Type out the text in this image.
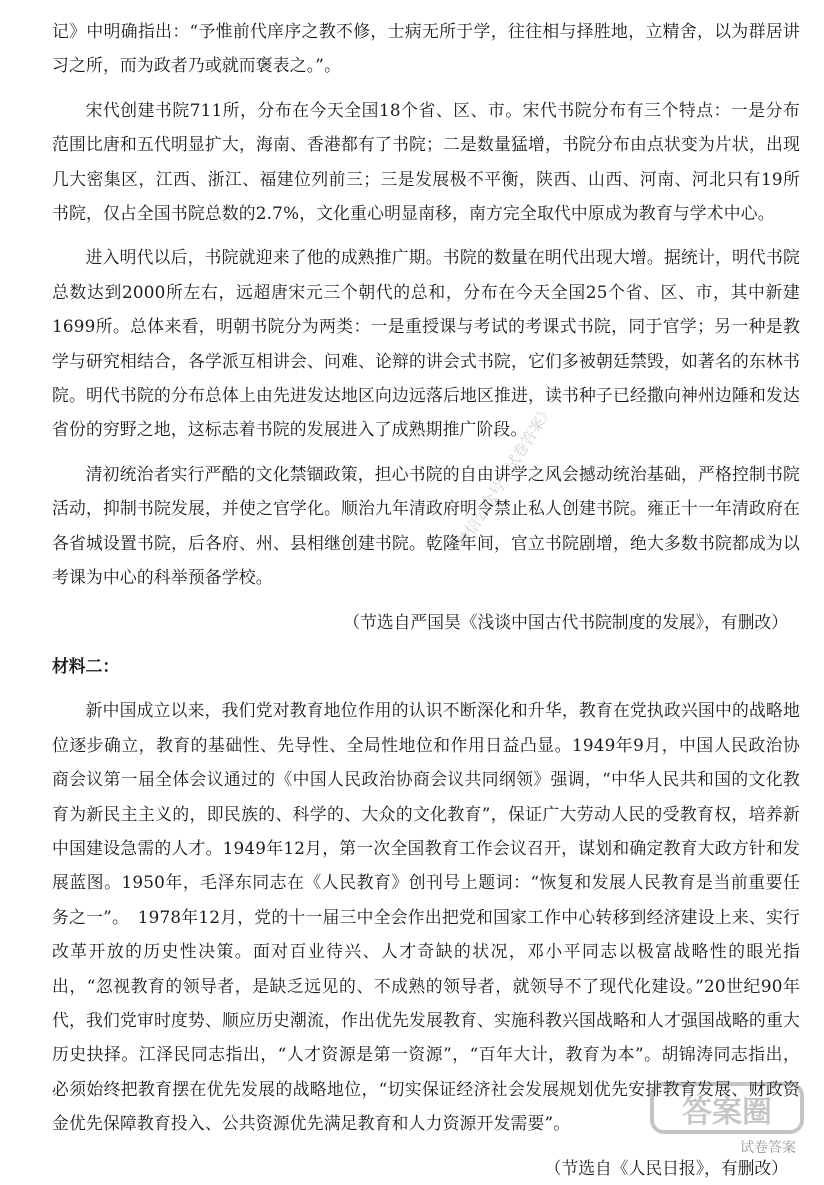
记》中明确指出：“予惟前代庠序之教不修，士病无所于学，往往相与择胜地，立精舍，以为群居讲习之所，而为政者乃或就而褒表之。”。

宋代创建书院711所，分布在今天全国18个省、区、市。宋代书院分布有三个特点：一是分布范围比唐和五代明显扩大，海南、香港都有了书院；二是数量猛增，书院分布由点状变为片状，出现几大密集区，江西、浙江、福建位列前三；三是发展极不平衡，陕西、山西、河南、河北只有19所书院，仅占全国书院总数的2.7%，文化重心明显南移，南方完全取代中原成为教育与学术中心。

进入明代以后，书院就迎来了他的成熟推广期。书院的数量在明代出现大增。据统计，明代书院总数达到2000所左右，远超唐宋元三个朝代的总和，分布在今天全国25个省、区、市，其中新建1699所。总体来看，明朝书院分为两类：一是重授课与考试的考课式书院，同于官学；另一种是教学与研究相结合，各学派互相讲会、问难、论辩的讲会式书院，它们多被朝廷禁毁，如著名的东林书院。明代书院的分布总体上由先进发达地区向边远落后地区推进，读书种子已经撒向神州边陲和发达省份的穷野之地，这标志着书院的发展进入了成熟期推广阶段。

清初统治者实行严酷的文化禁锢政策，担心书院的自由讲学之风会撼动统治基础，严格控制书院活动，抑制书院发展，并使之官学化。顺治九年清政府明令禁止私人创建书院。雍正十一年清政府在各省城设置书院，后各府、州、县相继创建书院。乾隆年间，官立书院剧增，绝大多数书院都成为以考课为中心的科举预备学校。

（节选自严国昊《浅谈中国古代书院制度的发展》，有删改）

材料二：

新中国成立以来，我们党对教育地位作用的认识不断深化和升华，教育在党执政兴国中的战略地位逐步确立，教育的基础性、先导性、全局性地位和作用日益凸显。1949年9月，中国人民政治协商会议第一届全体会议通过的《中国人民政治协商会议共同纲领》强调，“中华人民共和国的文化教育为新民主主义的，即民族的、科学的、大众的文化教育”，保证广大劳动人民的受教育权，培养新中国建设急需的人才。1949年12月，第一次全国教育工作会议召开，谋划和确定教育大政方针和发展蓝图。1950年，毛泽东同志在《人民教育》创刊号上题词：“恢复和发展人民教育是当前重要任务之一”。　1978年12月，党的十一届三中全会作出把党和国家工作中心转移到经济建设上来、实行改革开放的历史性决策。面对百业待兴、人才奇缺的状况，邓小平同志以极富战略性的眼光指出，“忽视教育的领导者，是缺乏远见的、不成熟的领导者，就领导不了现代化建设。”20世纪90年代，我们党审时度势、顺应历史潮流，作出优先发展教育、实施科教兴国战略和人才强国战略的重大历史抉择。江泽民同志指出，“人才资源是第一资源”，“百年大计，教育为本”。胡锦涛同志指出，必须始终把教育摆在优先发展的战略地位，“切实保证经济社会发展规划优先安排教育发展、财政资金优先保障教育投入、公共资源优先满足教育和人力资源开发需要”。

（节选自《人民日报》，有删改）

微信公众号《试卷答案》
答案圈
试卷答案
